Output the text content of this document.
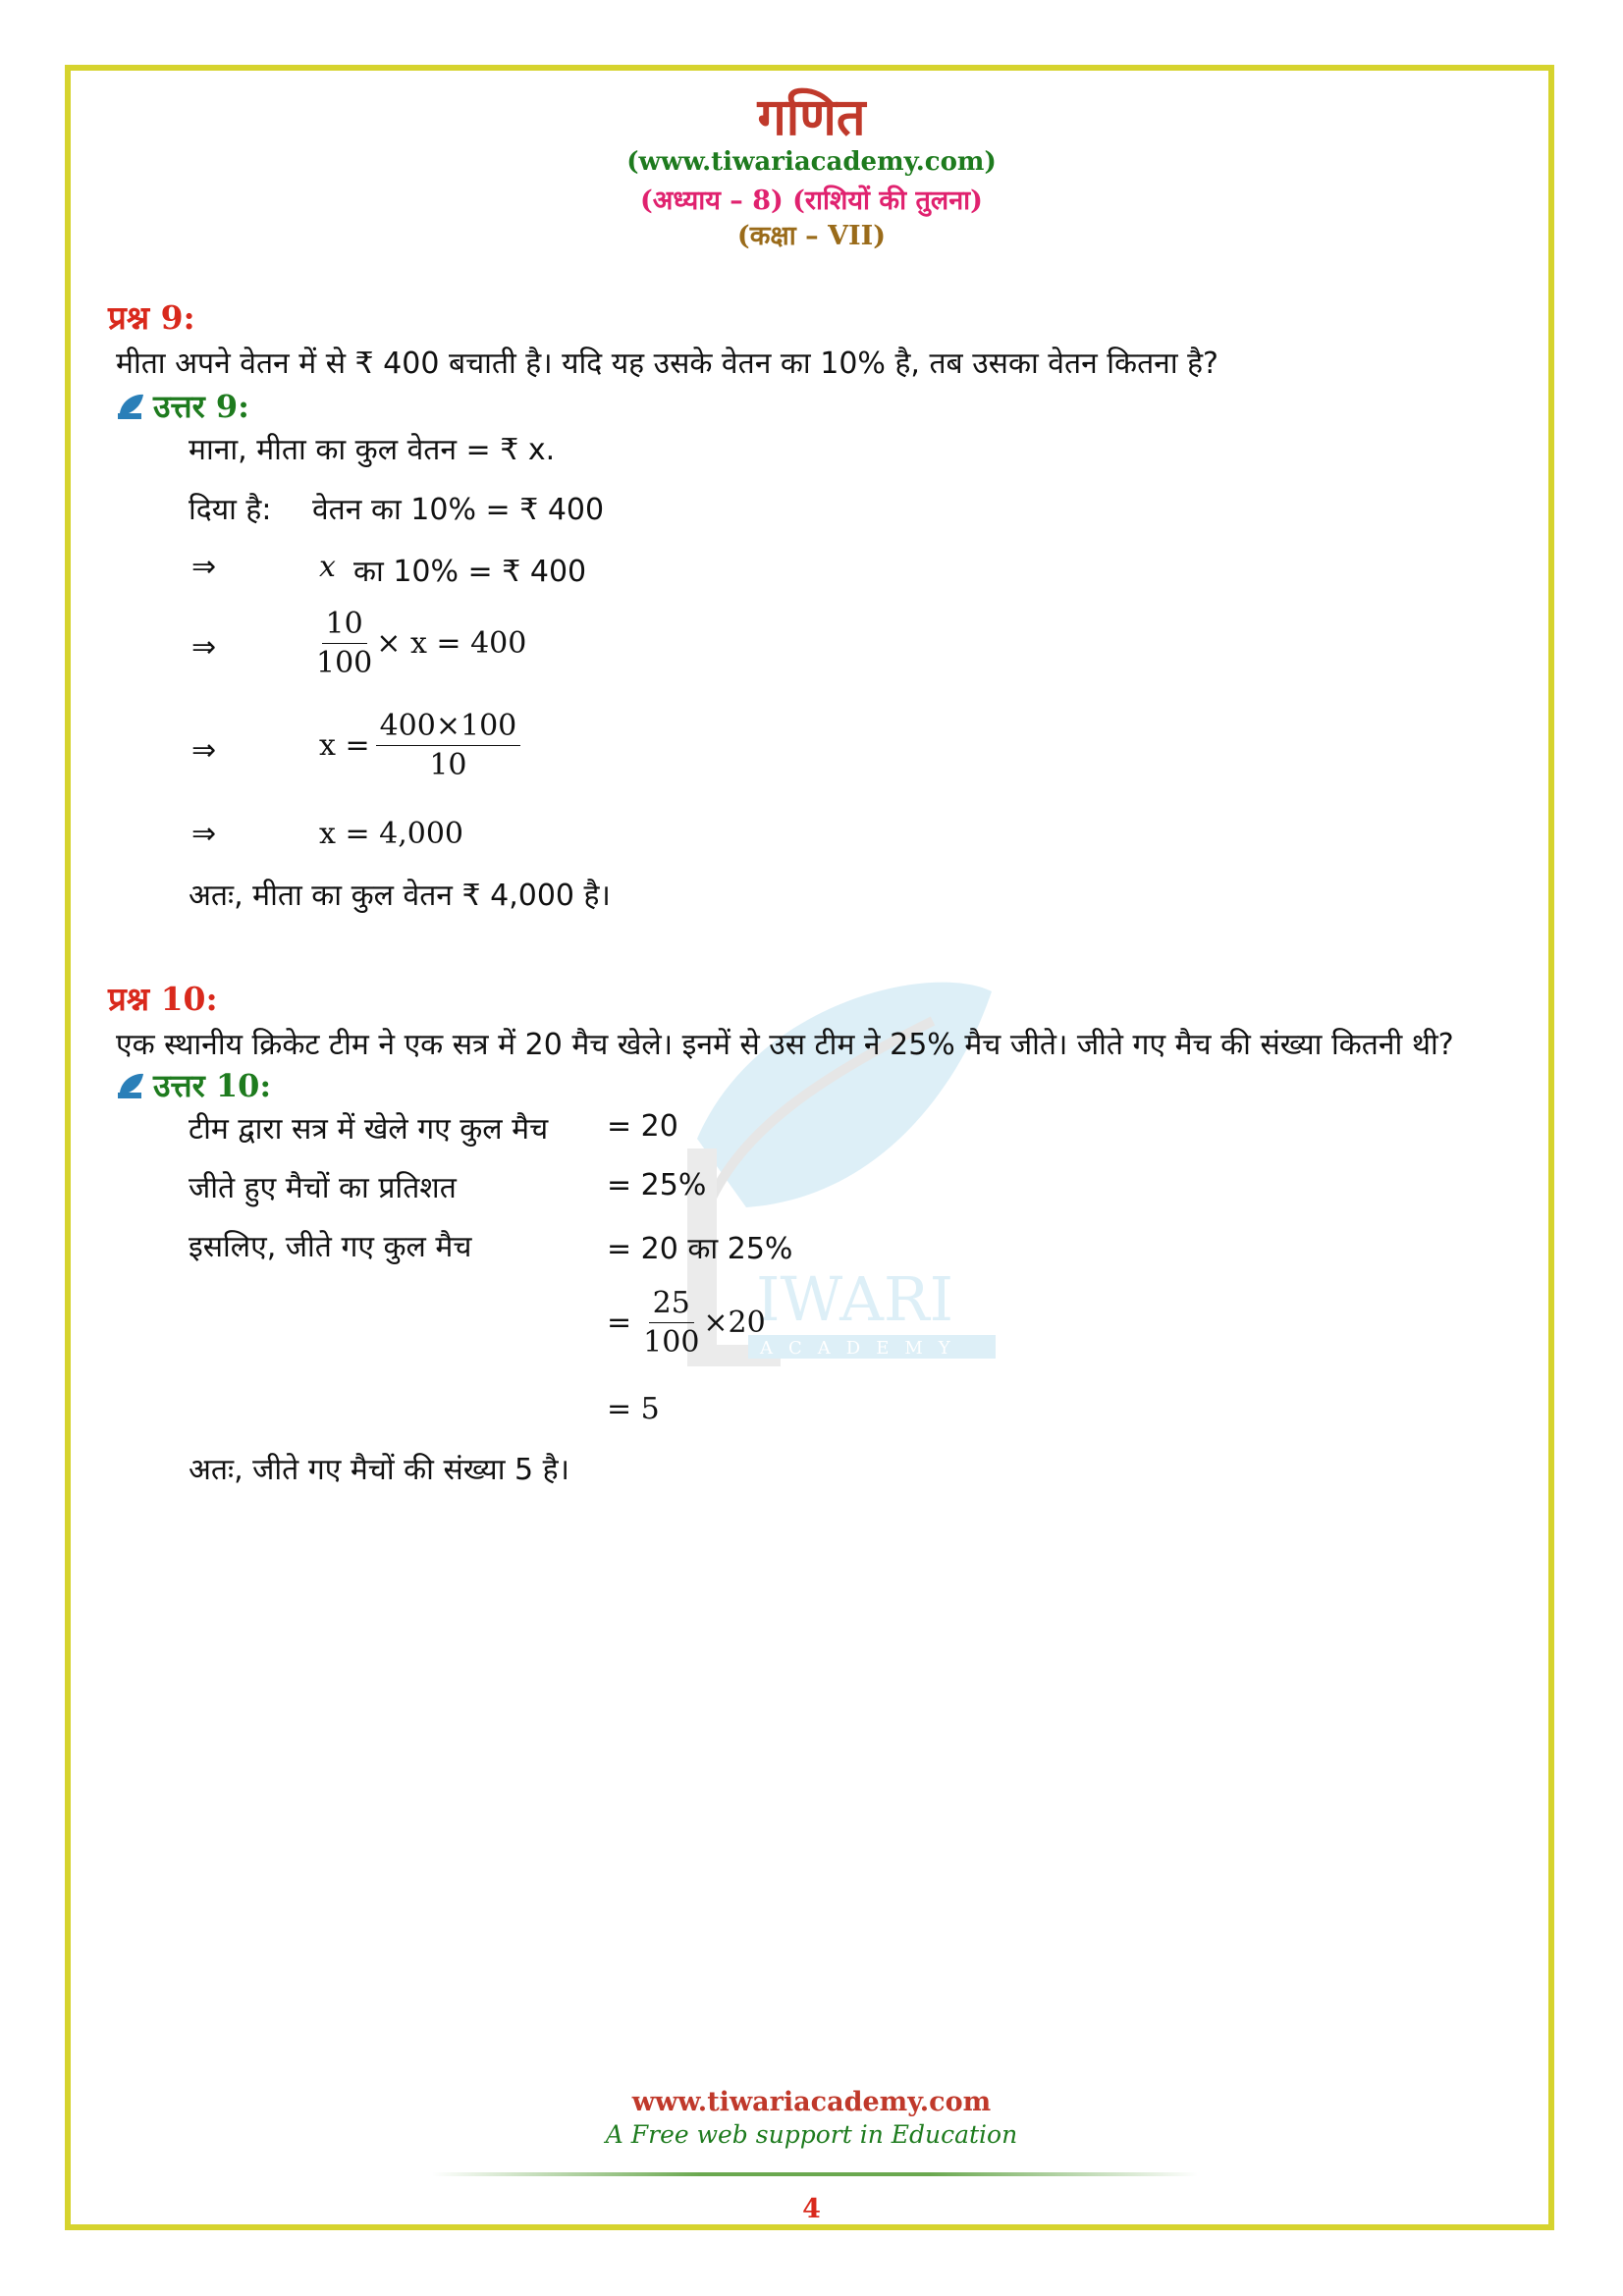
गणित
(www.tiwariacademy.com)
(अध्याय – 8) (राशियों की तुलना)
(कक्षा – VII)
IWARI
ACADEMY
प्रश्न 9:
मीता अपने वेतन में से ₹ 400 बचाती है। यदि यह उसके वेतन का 10% है, तब उसका वेतन कितना है?
उत्तर 9:
माना, मीता का कुल वेतन = ₹ x.
दिया है: वेतन का 10% = ₹ 400
⇒	x का 10% = ₹ 400
⇒	$\frac{10}{100} \times x = 400$
⇒	$x = \frac{400\times 100}{10}$
⇒	x = 4,000
अतः, मीता का कुल वेतन ₹ 4,000 है।
प्रश्न 10:
एक स्थानीय क्रिकेट टीम ने एक सत्र में 20 मैच खेले। इनमें से उस टीम ने 25% मैच जीते। जीते गए मैच की संख्या कितनी थी?
उत्तर 10:
टीम द्वारा सत्र में खेले गए कुल मैच = 20
जीते हुए मैचों का प्रतिशत	= 25%
इसलिए, जीते गए कुल मैच	= 20 का 25%
= $\frac{25}{100} \times 20$
= 5
अतः, जीते गए मैचों की संख्या 5 है।
www.tiwariacademy.com
A Free web support in Education
4
